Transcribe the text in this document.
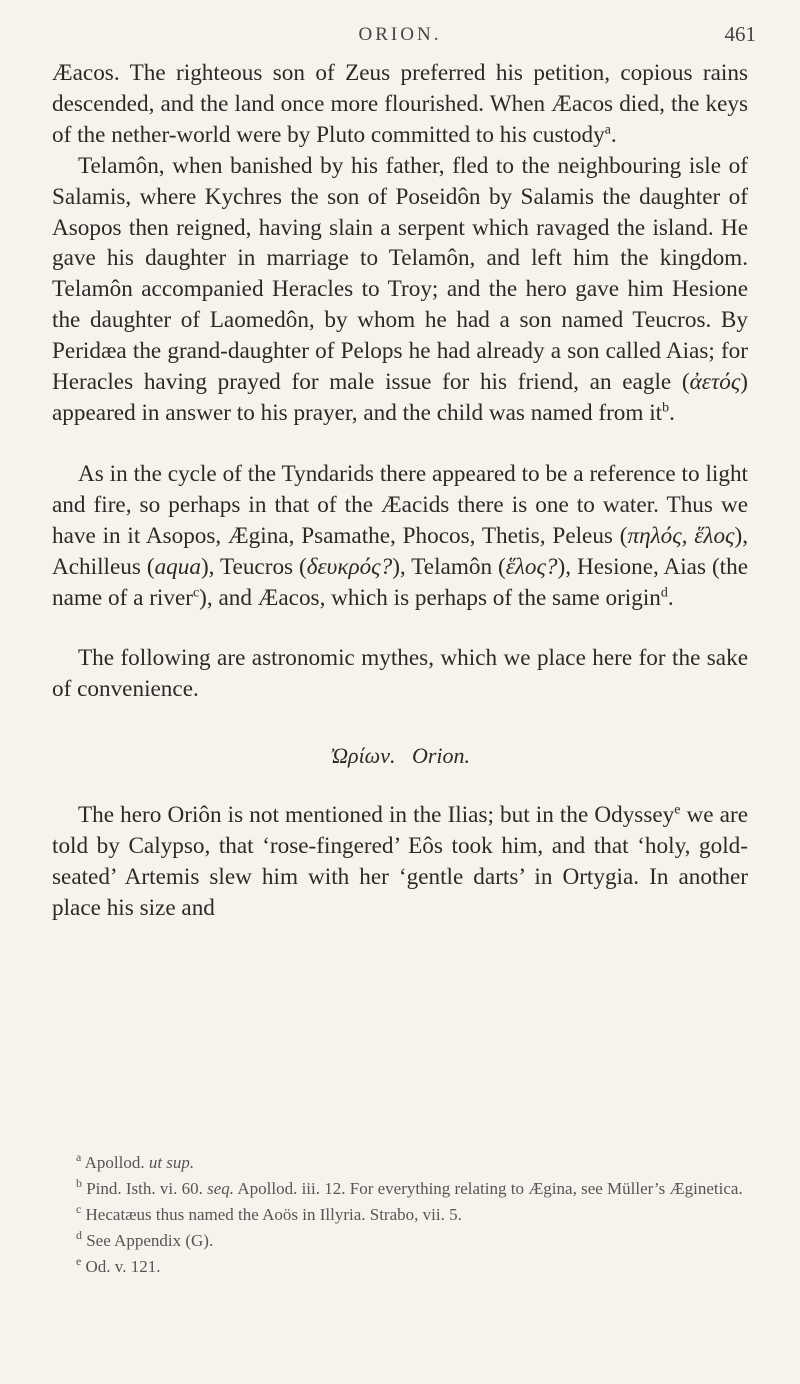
ORION.	461

Æacos. The righteous son of Zeus preferred his petition, copious rains descended, and the land once more flourished. When Æacos died, the keys of the nether-world were by Pluto committed to his custody$^a$.

Telamôn, when banished by his father, fled to the neighbouring isle of Salamis, where Kychres the son of Poseidôn by Salamis the daughter of Asopos then reigned, having slain a serpent which ravaged the island. He gave his daughter in marriage to Telamôn, and left him the kingdom. Telamôn accompanied Heracles to Troy; and the hero gave him Hesione the daughter of Laomedôn, by whom he had a son named Teucros. By Peridæa the grand-daughter of Pelops he had already a son called Aias; for Heracles having prayed for male issue for his friend, an eagle (ἀετός) appeared in answer to his prayer, and the child was named from $it^b$.

As in the cycle of the Tyndarids there appeared to be a reference to light and fire, so perhaps in that of the Æacids there is one to water. Thus we have in it Asopos, Ægina, Psamathe, Phocos, Thetis, Peleus (πηλός, ἕλος), Achilleus (aqua), Teucros (δευκρός?), Telamôn (ἕλος?), Hesione, Aias (the name of a river$^c$), and Æacos, which is perhaps of the same origin$^d$.

The following are astronomic mythes, which we place here for the sake of convenience.

Ὠρίων. Orion.

The hero Oriôn is not mentioned in the Ilias; but in the Odyssey$^e$ we are told by Calypso, that ‘rose-fingered’ Eôs took him, and that ‘holy, gold-seated’ Artemis slew him with her ‘gentle darts’ in Ortygia. In another place his size and

$^a$ Apollod. ut sup.

$^b$ Pind. Isth. vi. 60. seq. Apollod. iii. 12. For everything relating to Ægina, see Müller’s Æginetica.

$^c$ Hecatæus thus named the Aoös in Illyria. Strabo, vii. 5.

$^d$ See Appendix (G).

$^e$ Od. v. 121.
